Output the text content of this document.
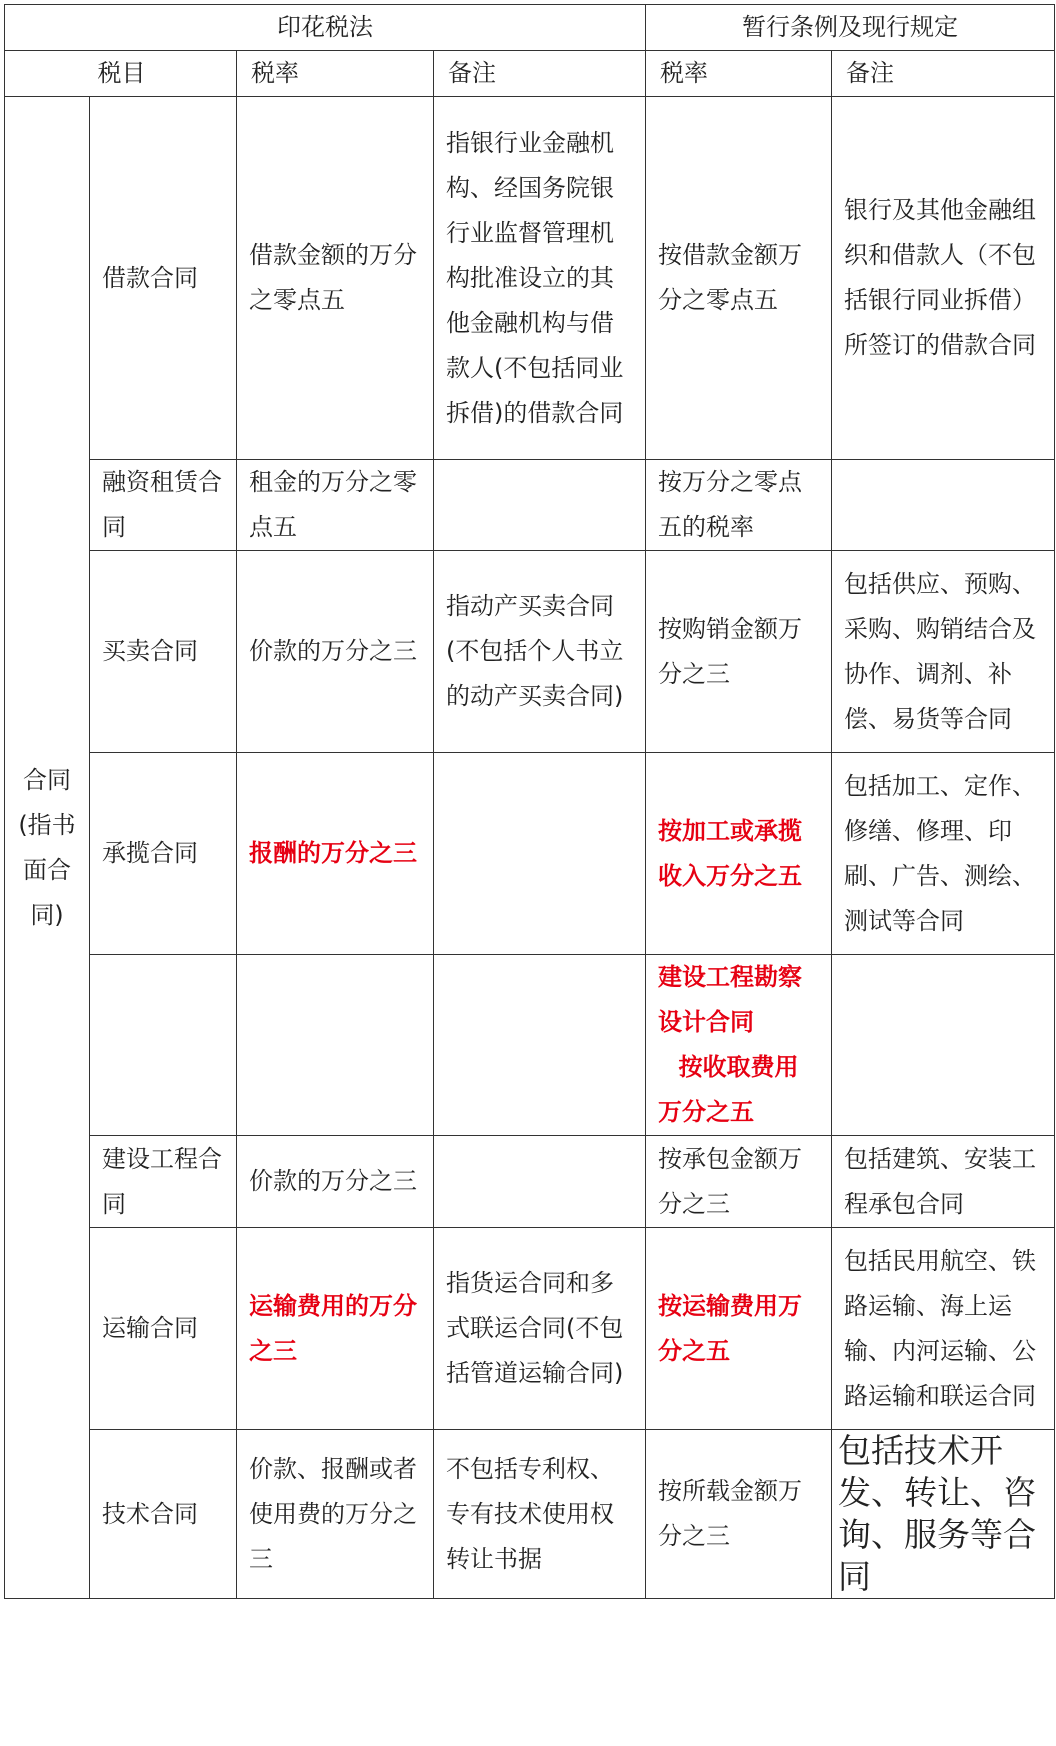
印花税法				暂行条例及现行规定	
税目		税率	备注	税率	备注
合同(指书面合同)	借款合同	借款金额的万分之零点五	指银行业金融机构、经国务院银行业监督管理机构批准设立的其他金融机构与借款人(不包括同业拆借)的借款合同	按借款金额万分之零点五	银行及其他金融组织和借款人（不包括银行同业拆借）所签订的借款合同
	融资租赁合同	租金的万分之零点五		按万分之零点五的税率	
	买卖合同	价款的万分之三	指动产买卖合同(不包括个人书立的动产买卖合同)	按购销金额万分之三	包括供应、预购、采购、购销结合及协作、调剂、补偿、易货等合同
	承揽合同	报酬的万分之三		按加工或承揽收入万分之五	包括加工、定作、修缮、修理、印刷、广告、测绘、测试等合同
				建设工程勘察设计合同
按收取费用
万分之五	
	建设工程合同	价款的万分之三		按承包金额万分之三	包括建筑、安装工程承包合同
	运输合同	运输费用的万分之三	指货运合同和多式联运合同(不包括管道运输合同)	按运输费用万分之五	包括民用航空、铁路运输、海上运输、内河运输、公路运输和联运合同
	技术合同	价款、报酬或者使用费的万分之三	不包括专利权、专有技术使用权转让书据	按所载金额万分之三	包括技术开发、转让、咨询、服务等合同
